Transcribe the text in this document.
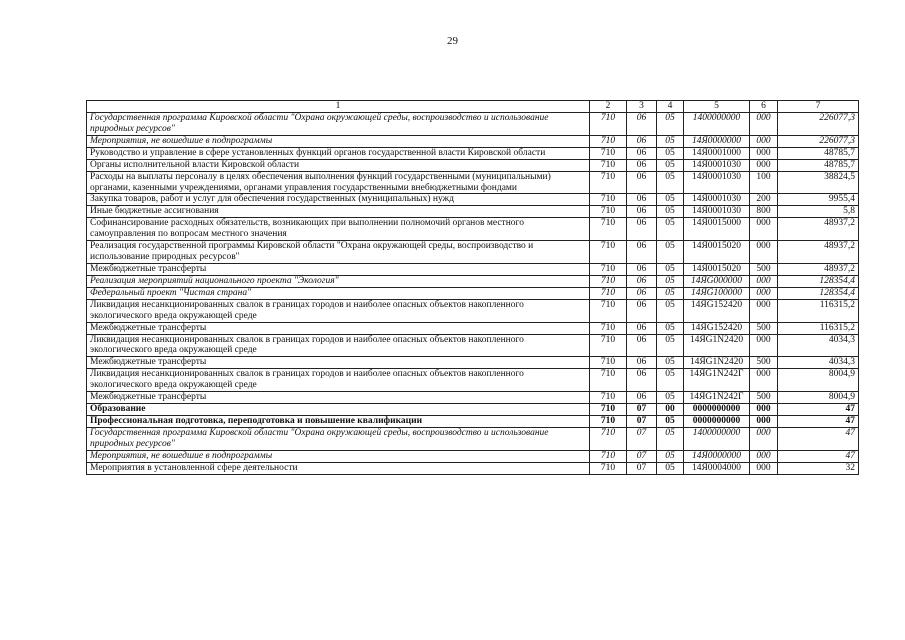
29
1	2	3	4	5	6	7
Государственная программа Кировской области "Охрана окружающей среды, воспроизводство и использование природных ресурсов"	710	06	05	1400000000	000	226077,3
Мероприятия, не вошедшие в подпрограммы	710	06	05	14Я0000000	000	226077,3
Руководство и управление в сфере установленных функций органов государственной власти Кировской области	710	06	05	14Я0001000	000	48785,7
Органы исполнительной власти Кировской области	710	06	05	14Я0001030	000	48785,7
Расходы на выплаты персоналу в целях обеспечения выполнения функций государственными (муниципальными) органами, казенными учреждениями, органами управления государственными внебюджетными фондами	710	06	05	14Я0001030	100	38824,5
Закупка товаров, работ и услуг для обеспечения государственных (муниципальных) нужд	710	06	05	14Я0001030	200	9955,4
Иные бюджетные ассигнования	710	06	05	14Я0001030	800	5,8
Софинансирование расходных обязательств, возникающих при выполнении полномочий органов местного самоуправления по вопросам местного значения	710	06	05	14Я0015000	000	48937,2
Реализация государственной программы Кировской области "Охрана окружающей среды, воспроизводство и использование природных ресурсов"	710	06	05	14Я0015020	000	48937,2
Межбюджетные трансферты	710	06	05	14Я0015020	500	48937,2
Реализация мероприятий национального проекта "Экология"	710	06	05	14ЯG000000	000	128354,4
Федеральный проект "Чистая страна"	710	06	05	14ЯG100000	000	128354,4
Ликвидация несанкционированных свалок в границах городов и наиболее опасных объектов накопленного экологического вреда окружающей среде	710	06	05	14ЯG152420	000	116315,2
Межбюджетные трансферты	710	06	05	14ЯG152420	500	116315,2
Ликвидация несанкционированных свалок в границах городов и наиболее опасных объектов накопленного экологического вреда окружающей среде	710	06	05	14ЯG1N2420	000	4034,3
Межбюджетные трансферты	710	06	05	14ЯG1N2420	500	4034,3
Ликвидация несанкционированных свалок в границах городов и наиболее опасных объектов накопленного экологического вреда окружающей среде	710	06	05	14ЯG1N242Г	000	8004,9
Межбюджетные трансферты	710	06	05	14ЯG1N242Г	500	8004,9
Образование	710	07	00	0000000000	000	47
Профессиональная подготовка, переподготовка и повышение квалификации	710	07	05	0000000000	000	47
Государственная программа Кировской области "Охрана окружающей среды, воспроизводство и использование природных ресурсов"	710	07	05	1400000000	000	47
Мероприятия, не вошедшие в подпрограммы	710	07	05	14Я0000000	000	47
Мероприятия в установленной сфере деятельности	710	07	05	14Я0004000	000	32
